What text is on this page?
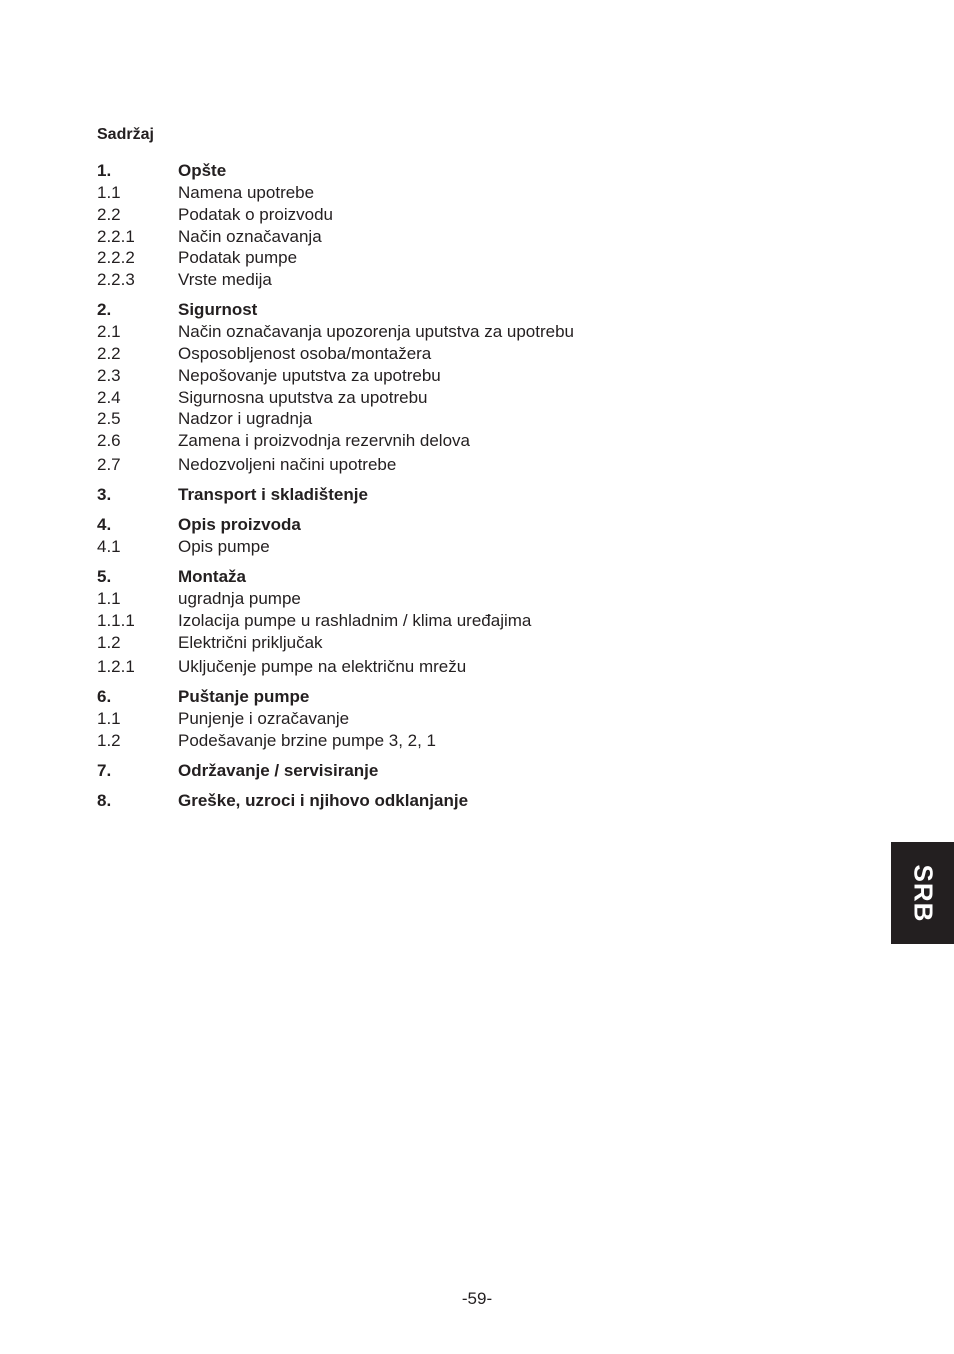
Sadržaj
1.	Opšte
1.1	Namena upotrebe
2.2	Podatak o proizvodu
2.2.1	Način označavanja
2.2.2	Podatak pumpe
2.2.3	Vrste medija
2.	Sigurnost
2.1	Način označavanja upozorenja uputstva za upotrebu
2.2	Osposobljenost osoba/montažera
2.3	Nepošovanje uputstva za upotrebu
2.4	Sigurnosna uputstva za upotrebu
2.5	Nadzor i ugradnja
2.6	Zamena i proizvodnja rezervnih delova
2.7	Nedozvoljeni načini upotrebe
3.	Transport i skladištenje
4.	Opis proizvoda
4.1	Opis pumpe
5.	Montaža
1.1	ugradnja pumpe
1.1.1	Izolacija pumpe u rashladnim / klima uređajima
1.2	Električni priključak
1.2.1	Uključenje pumpe na električnu mrežu
6.	Puštanje pumpe
1.1	Punjenje i ozračavanje
1.2	Podešavanje brzine pumpe 3, 2, 1
7.	Održavanje / servisiranje
8.	Greške, uzroci i njihovo odklanjanje
SRB
-59-
